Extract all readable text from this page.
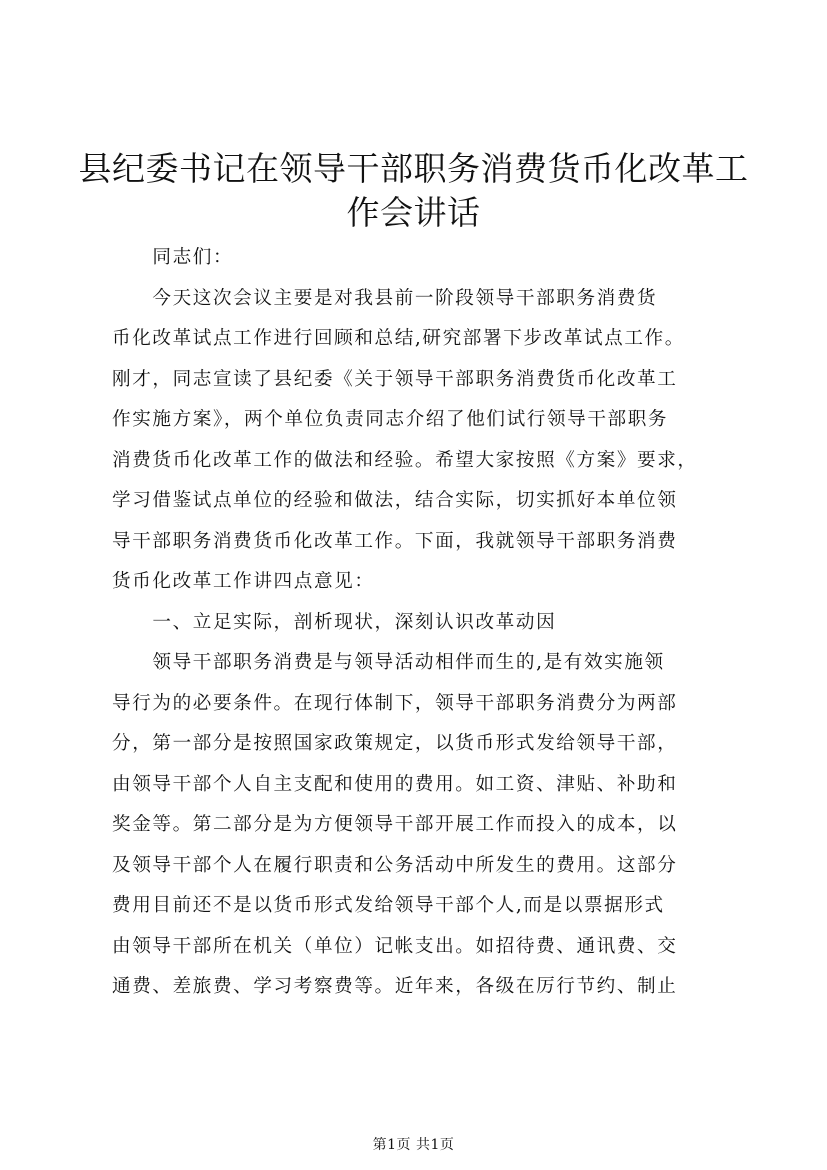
县纪委书记在领导干部职务消费货币化改革工
作会讲话
　　同志们：
　　今天这次会议主要是对我县前一阶段领导干部职务消费货
币化改革试点工作进行回顾和总结,研究部署下步改革试点工作。
刚才，同志宣读了县纪委《关于领导干部职务消费货币化改革工
作实施方案》，两个单位负责同志介绍了他们试行领导干部职务
消费货币化改革工作的做法和经验。希望大家按照《方案》要求，
学习借鉴试点单位的经验和做法，结合实际，切实抓好本单位领
导干部职务消费货币化改革工作。下面，我就领导干部职务消费
货币化改革工作讲四点意见：
　　一、立足实际，剖析现状，深刻认识改革动因
　　领导干部职务消费是与领导活动相伴而生的,是有效实施领
导行为的必要条件。在现行体制下，领导干部职务消费分为两部
分，第一部分是按照国家政策规定，以货币形式发给领导干部，
由领导干部个人自主支配和使用的费用。如工资、津贴、补助和
奖金等。第二部分是为方便领导干部开展工作而投入的成本，以
及领导干部个人在履行职责和公务活动中所发生的费用。这部分
费用目前还不是以货币形式发给领导干部个人,而是以票据形式
由领导干部所在机关（单位）记帐支出。如招待费、通讯费、交
通费、差旅费、学习考察费等。近年来，各级在厉行节约、制止
第1页 共1页
